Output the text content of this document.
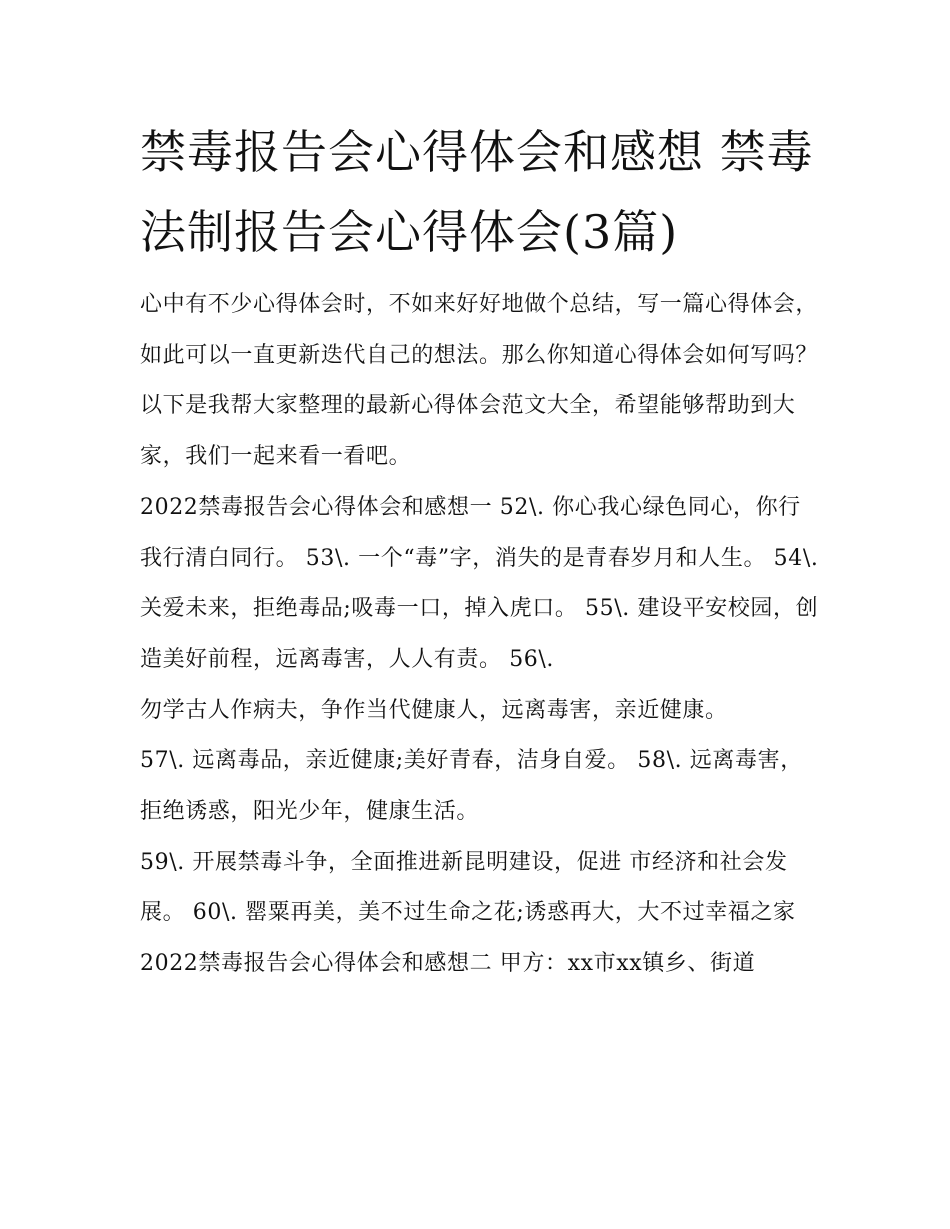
禁毒报告会心得体会和感想 禁毒法制报告会心得体会(3篇)

心中有不少心得体会时，不如来好好地做个总结，写一篇心得体会，如此可以一直更新迭代自己的想法。那么你知道心得体会如何写吗？以下是我帮大家整理的最新心得体会范文大全，希望能够帮助到大家，我们一起来看一看吧。

2022禁毒报告会心得体会和感想一 52\. 你心我心绿色同心，你行我行清白同行。 53\. 一个“毒”字，消失的是青春岁月和人生。 54\.

关爱未来，拒绝毒品;吸毒一口，掉入虎口。 55\. 建设平安校园，创造美好前程，远离毒害，人人有责。 56\.

勿学古人作病夫，争作当代健康人，远离毒害，亲近健康。

57\. 远离毒品，亲近健康;美好青春，洁身自爱。 58\. 远离毒害，拒绝诱惑，阳光少年，健康生活。

59\. 开展禁毒斗争，全面推进新昆明建设，促进 市经济和社会发展。 60\. 罂粟再美，美不过生命之花;诱惑再大，大不过幸福之家

2022禁毒报告会心得体会和感想二 甲方：xx市xx镇乡、街道
